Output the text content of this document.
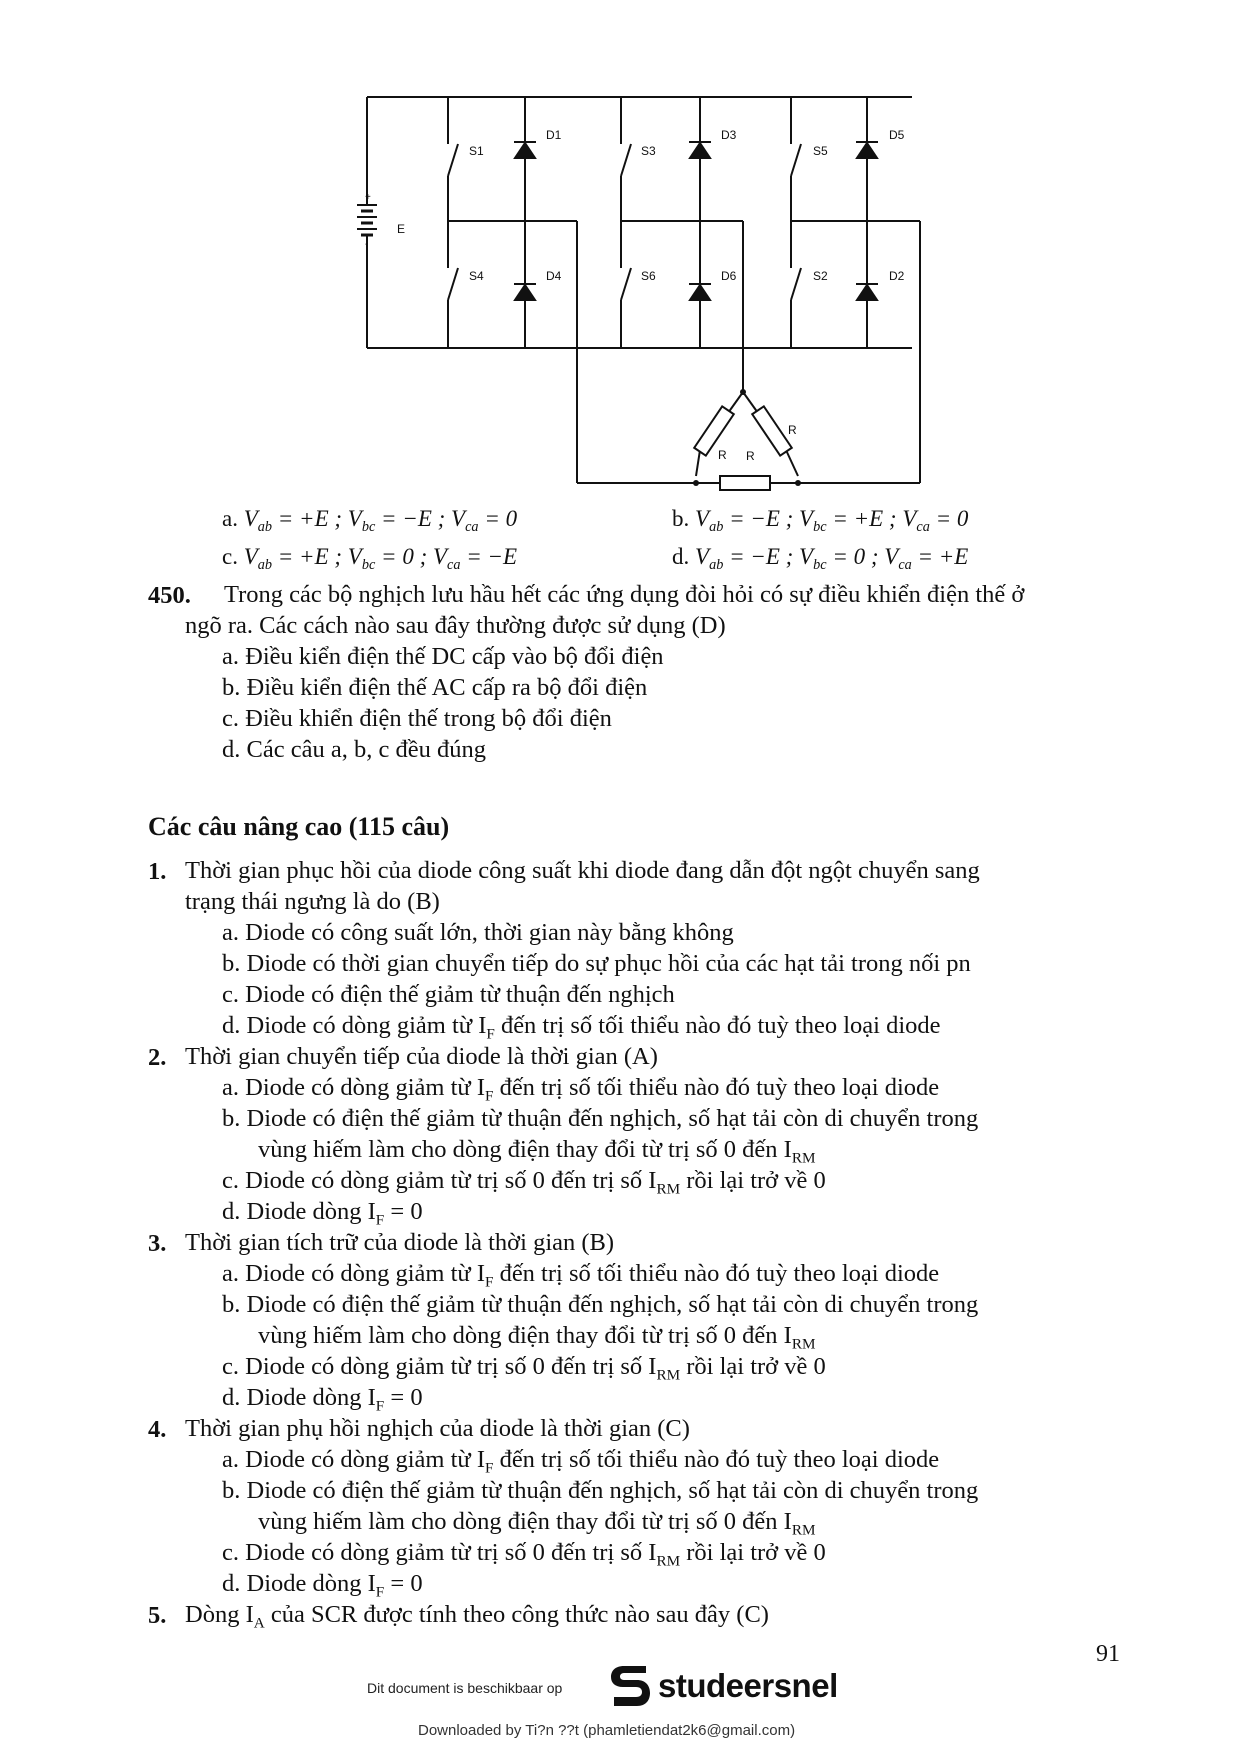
S1
D1
S3
D3
S5
D5
E
S4	D4	S6	D6	S2	D2
R R
R
+
-
a. $V_{ab} = +E$ ; $V_{bc} = -E$ ; $V_{ca} = 0$	b. $V_{ab} = -E$ ; $V_{bc} = +E$ ; $V_{ca} = 0$
c. $V_{ab} = +E$ ; $V_{bc} = 0$ ; $V_{ca} = -E$	d. $V_{ab} = -E$ ; $V_{bc} = 0$ ; $V_{ca} = +E$
450. Trong các bộ nghịch lưu hầu hết các ứng dụng đòi hỏi có sự điều khiển điện thế ở
ngõ ra. Các cách nào sau đây thường được sử dụng (D)
a. Điều kiển điện thế DC cấp vào bộ đổi điện
b. Điều kiển điện thế AC cấp ra bộ đổi điện
c. Điều khiển điện thế trong bộ đổi điện
d. Các câu a, b, c đều đúng
Các câu nâng cao (115 câu)
1. Thời gian phục hồi của diode công suất khi diode đang dẫn đột ngột chuyển sang
trạng thái ngưng là do (B)
a. Diode có công suất lớn, thời gian này bằng không
b. Diode có thời gian chuyển tiếp do sự phục hồi của các hạt tải trong nối pn
c. Diode có điện thế giảm từ thuận đến nghịch
d. Diode có dòng giảm từ $I_F$ đến trị số tối thiểu nào đó tuỳ theo loại diode
2. Thời gian chuyển tiếp của diode là thời gian (A)
a. Diode có dòng giảm từ $I_F$ đến trị số tối thiểu nào đó tuỳ theo loại diode
b. Diode có điện thế giảm từ thuận đến nghịch, số hạt tải còn di chuyển trong
vùng hiếm làm cho dòng điện thay đổi từ trị số 0 đến $I_{RM}$
c. Diode có dòng giảm từ trị số 0 đến trị số $I_{RM}$ rồi lại trở về 0
d. Diode dòng $I_F = 0$
3. Thời gian tích trữ của diode là thời gian (B)
a. Diode có dòng giảm từ $I_F$ đến trị số tối thiểu nào đó tuỳ theo loại diode
b. Diode có điện thế giảm từ thuận đến nghịch, số hạt tải còn di chuyển trong
vùng hiếm làm cho dòng điện thay đổi từ trị số 0 đến $I_{RM}$
c. Diode có dòng giảm từ trị số 0 đến trị số $I_{RM}$ rồi lại trở về 0
d. Diode dòng $I_F = 0$
4. Thời gian phụ hồi nghịch của diode là thời gian (C)
a. Diode có dòng giảm từ $I_F$ đến trị số tối thiểu nào đó tuỳ theo loại diode
b. Diode có điện thế giảm từ thuận đến nghịch, số hạt tải còn di chuyển trong
vùng hiếm làm cho dòng điện thay đổi từ trị số 0 đến $I_{RM}$
c. Diode có dòng giảm từ trị số 0 đến trị số $I_{RM}$ rồi lại trở về 0
d. Diode dòng $I_F = 0$
5. Dòng $I_A$ của SCR được tính theo công thức nào sau đây (C)
91
Dit document is beschikbaar op	studeersnel
Downloaded by Ti?n ??t (phamletiendat2k6@gmail.com)
